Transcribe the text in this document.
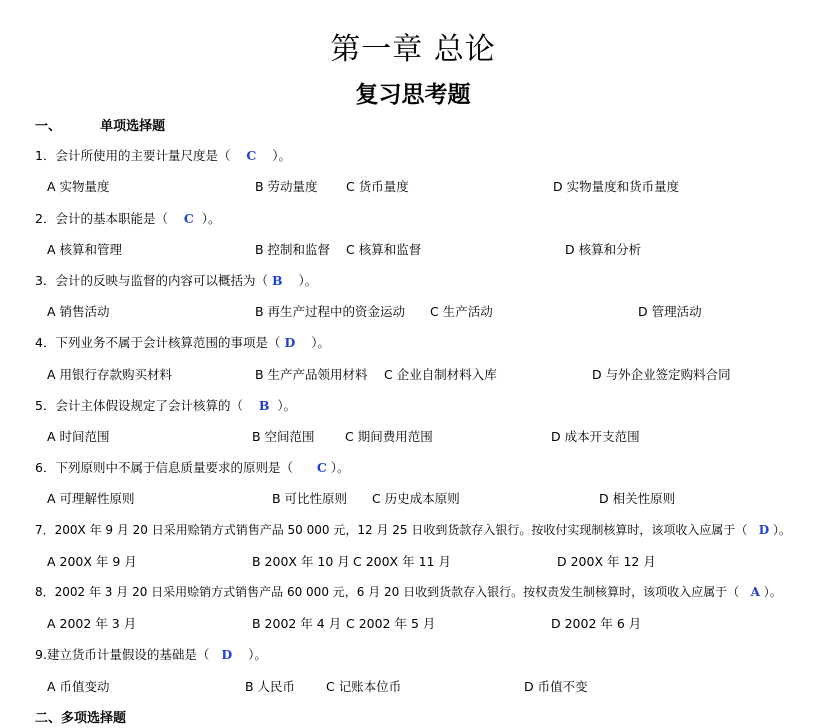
第一章 总论
复习思考题
一、	单项选择题
1．会计所使用的主要计量尺度是（ C ）。
A 实物量度	B 劳动量度 C 货币量度	D 实物量度和货币量度
2．会计的基本职能是（ C ）。
A 核算和管理	B 控制和监督 C 核算和监督	D 核算和分析
3．会计的反映与监督的内容可以概括为（ B ）。
A 销售活动	B 再生产过程中的资金运动 C 生产活动	D 管理活动
4．下列业务不属于会计核算范围的事项是（ D ）。
A 用银行存款购买材料	B 生产产品领用材料 C 企业自制材料入库	D 与外企业签定购料合同
5．会计主体假设规定了会计核算的（ B ）。
A 时间范围	B 空间范围 C 期间费用范围	D 成本开支范围
6．下列原则中不属于信息质量要求的原则是（ C ）。
A 可理解性原则	B 可比性原则 C 历史成本原则	D 相关性原则
7．200X 年 9 月 20 日采用赊销方式销售产品 50 000 元，12 月 25 日收到货款存入银行。按收付实现制核算时，该项收入应属于（ D ）。
A 200X 年 9 月	B 200X 年 10 月 C 200X 年 11 月	D 200X 年 12 月
8．2002 年 3 月 20 日采用赊销方式销售产品 60 000 元，6 月 20 日收到货款存入银行。按权责发生制核算时，该项收入应属于（ A ）。
A 2002 年 3 月	B 2002 年 4 月 C 2002 年 5 月	D 2002 年 6 月
9.建立货币计量假设的基础是（ D ）。
A 币值变动	B 人民币 C 记账本位币	D 币值不变
二、多项选择题
